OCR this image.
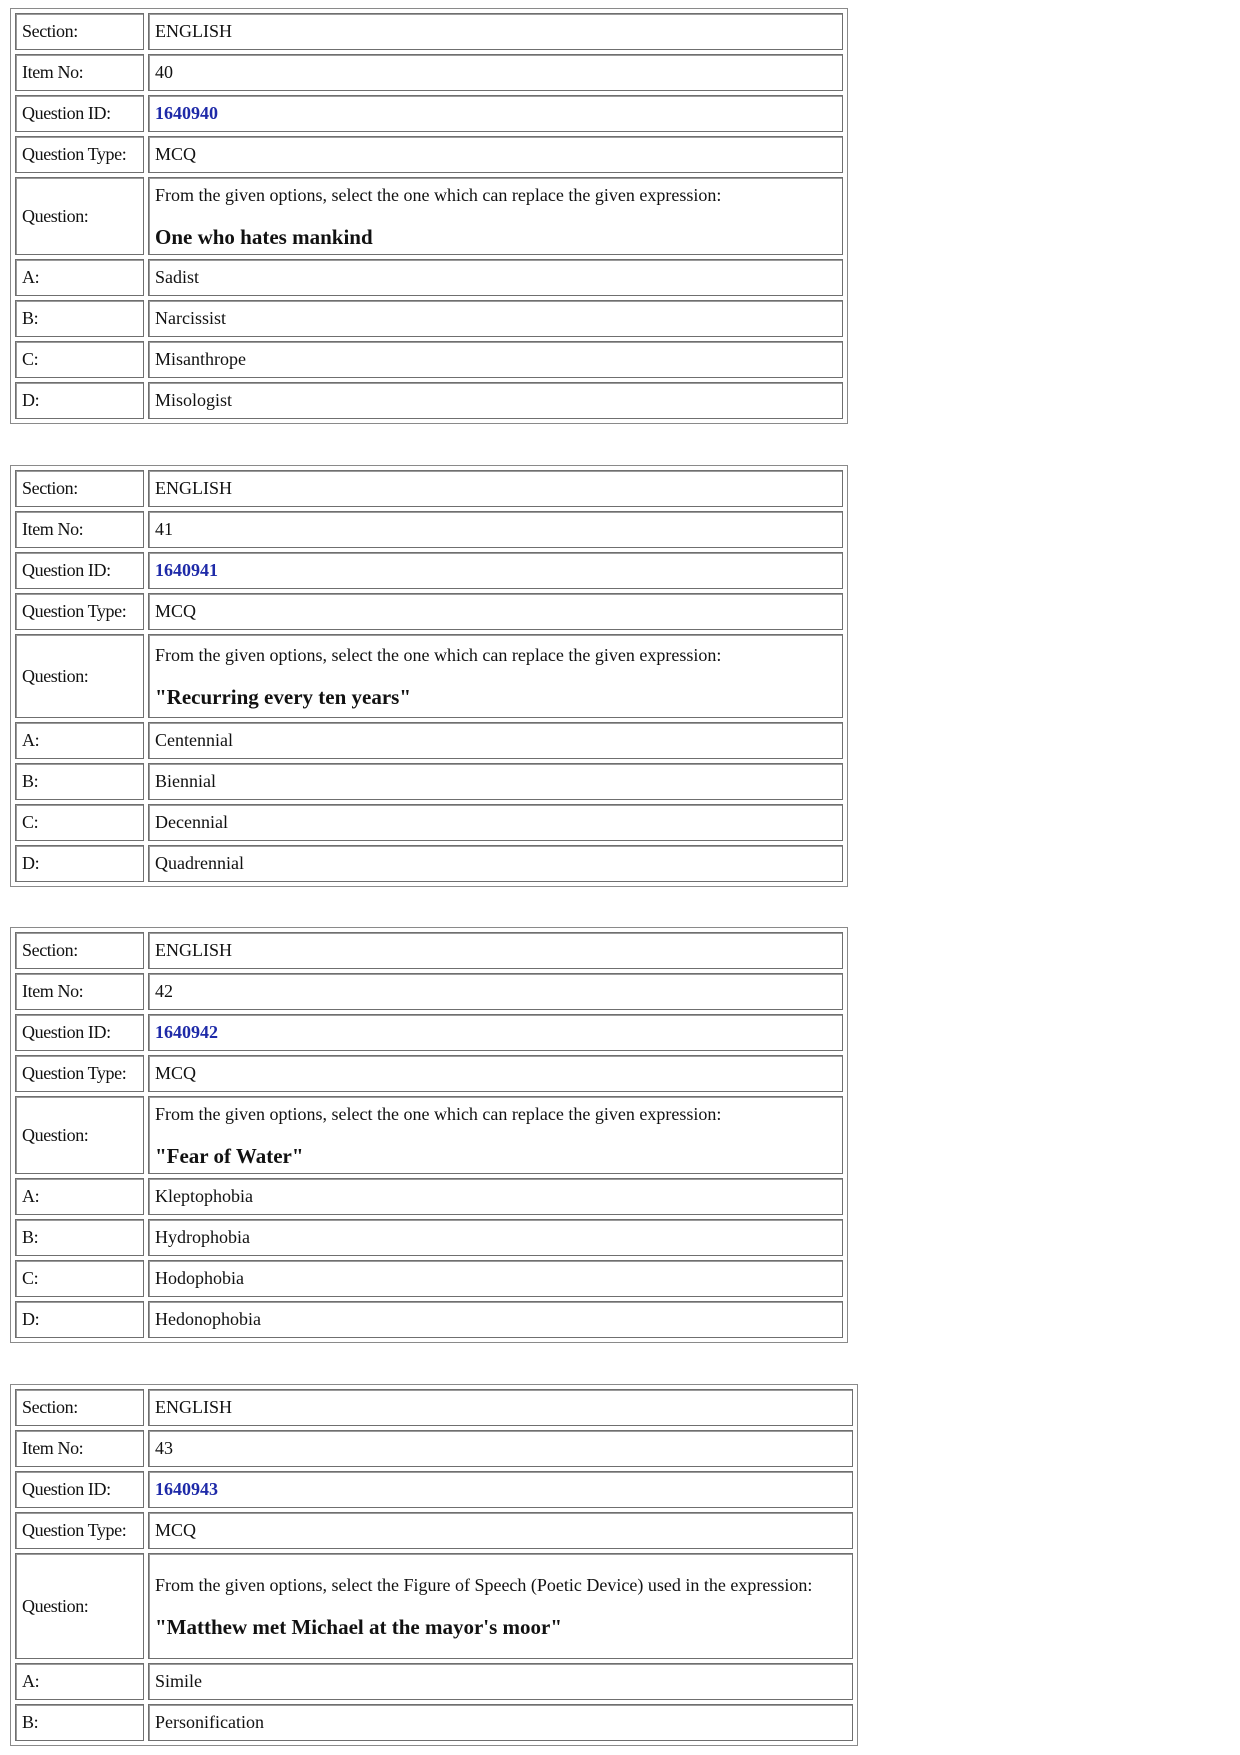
Section:	ENGLISH
Item No:	40
Question ID:	1640940
Question Type:	MCQ
Question:	From the given options, select the one which can replace the given expression:
One who hates mankind

A:	Sadist
B:	Narcissist
C:	Misanthrope
D:	Misologist
Section:	ENGLISH
Item No:	41
Question ID:	1640941
Question Type:	MCQ
Question:	From the given options, select the one which can replace the given expression:
"Recurring every ten years"

A:	Centennial
B:	Biennial
C:	Decennial
D:	Quadrennial
Section:	ENGLISH
Item No:	42
Question ID:	1640942
Question Type:	MCQ
Question:	From the given options, select the one which can replace the given expression:
"Fear of Water"

A:	Kleptophobia
B:	Hydrophobia
C:	Hodophobia
D:	Hedonophobia
Section:	ENGLISH
Item No:	43
Question ID:	1640943
Question Type:	MCQ
Question:	From the given options, select the Figure of Speech (Poetic Device) used in the expression:
"Matthew met Michael at the mayor's moor"

A:	Simile
B:	Personification
